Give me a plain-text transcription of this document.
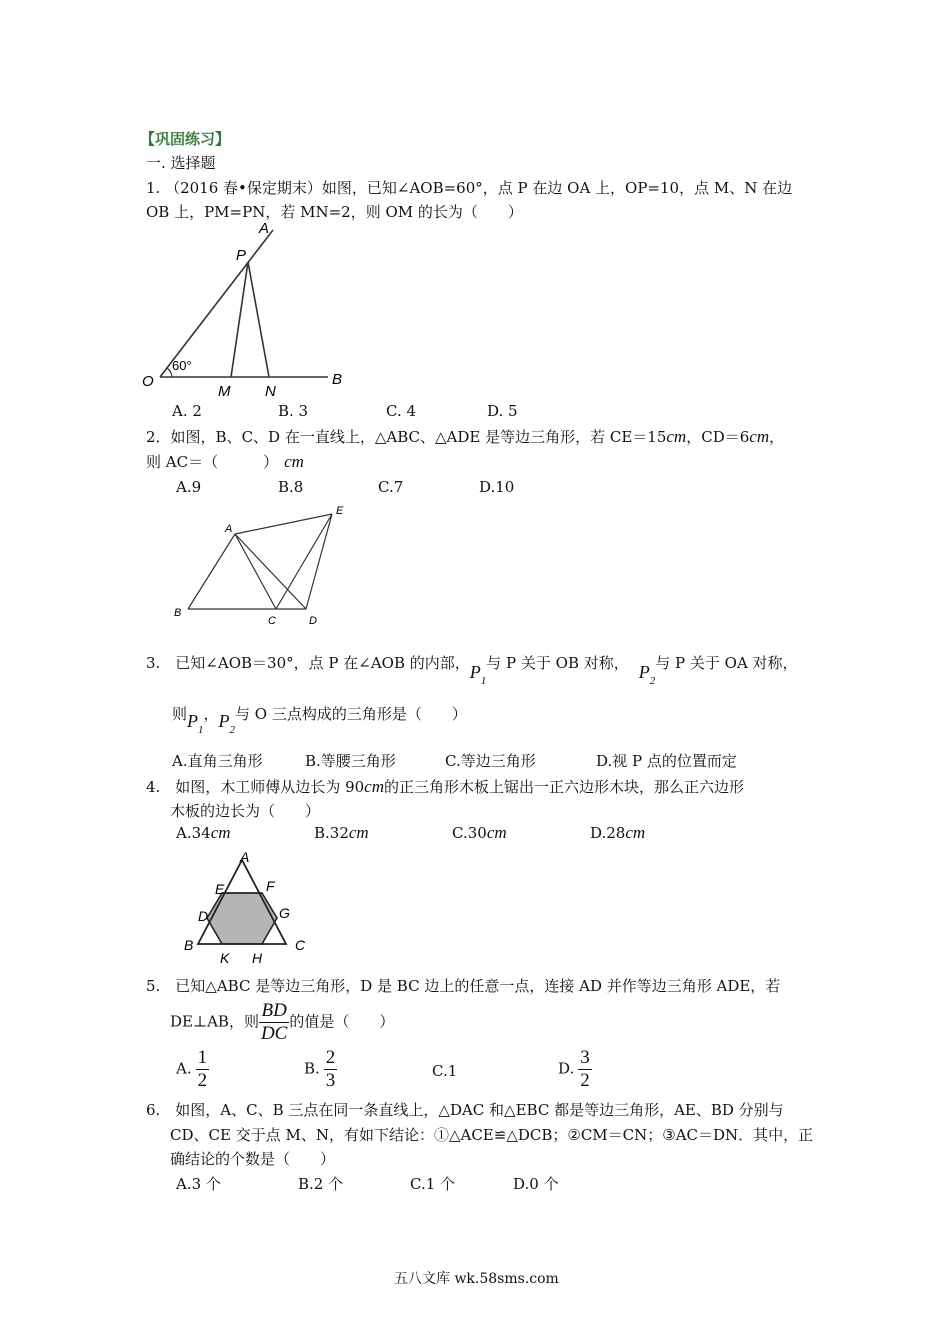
【巩固练习】
一. 选择题
1. （2016 春•保定期末）如图，已知∠AOB=60°，点 P 在边 OA 上，OP=10，点 M、N 在边
OB 上，PM=PN，若 MN=2，则 OM 的长为（　　）
A
P
O
60°
M N
B
A. 2	B. 3	C. 4	D. 5
2．如图，B、C、D 在一直线上，△ABC、△ADE 是等边三角形，若 CE＝15cm，CD＝6cm，
则 AC＝（　　　） cm
A.9	B.8	C.7	D.10
A
E
B
C	D
3.　已知∠AOB＝30°，点 P 在∠AOB 的内部，$P_1$与 P 关于 OB 对称， $P_2$与 P 关于 OA 对称，
则$P_1$，$P_2$与 O 三点构成的三角形是（　　）
A.直角三角形	B.等腰三角形	C.等边三角形	D.视 P 点的位置而定
4.　如图，木工师傅从边长为 90cm的正三角形木板上锯出一正六边形木块，那么正六边形
木板的边长为（　　）
A.34cm	B.32cm	C.30cm	D.28cm
A
E	F
D	G
B	C
K H
5.　已知△ABC 是等边三角形，D 是 BC 边上的任意一点，连接 AD 并作等边三角形 ADE，若
DE⊥AB，则 $\frac{BD}{DC}$ 的值是（　　）
A. $\frac{1}{2}$	B. $\frac{2}{3}$	C.1	D. $\frac{3}{2}$
6.　如图，A、C、B 三点在同一条直线上，△DAC 和△EBC 都是等边三角形，AE、BD 分别与
CD、CE 交于点 M、N，有如下结论：①△ACE≌△DCB；②CM＝CN；③AC＝DN．其中，正
确结论的个数是（　　）
A.3 个	B.2 个	C.1 个	D.0 个
五八文库 wk.58sms.com
